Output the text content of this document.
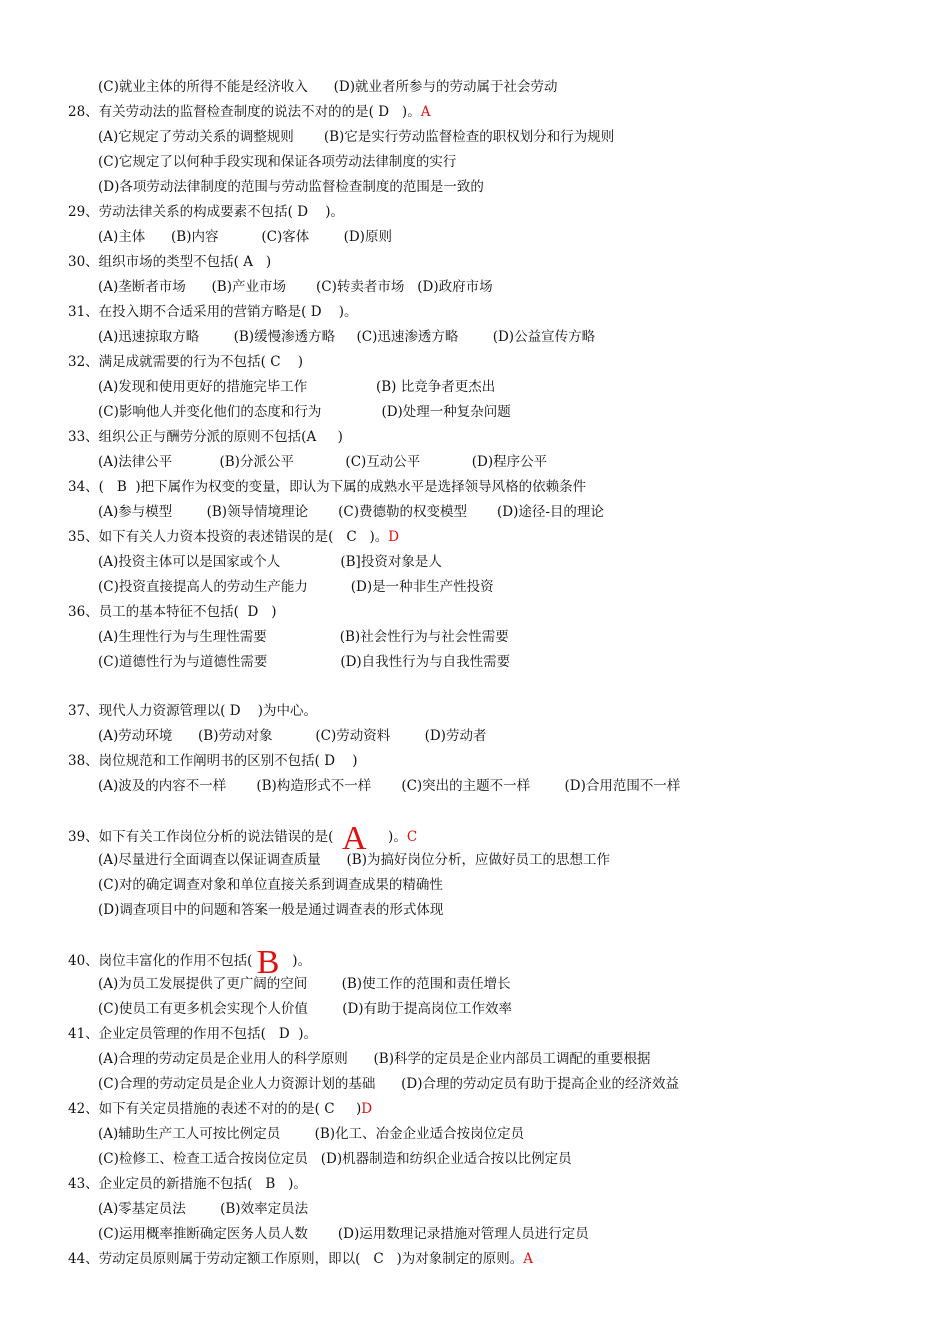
(C)就业主体的所得不能是经济收入      (D)就业者所参与的劳动属于社会劳动
28、有关劳动法的监督检查制度的说法不对的的是( D   )。A
(A)它规定了劳动关系的调整规则       (B)它是实行劳动监督检查的职权划分和行为规则
(C)它规定了以何种手段实现和保证各项劳动法律制度的实行
(D)各项劳动法律制度的范围与劳动监督检查制度的范围是一致的
29、劳动法律关系的构成要素不包括( D    )。
(A)主体      (B)内容          (C)客体        (D)原则
30、组织市场的类型不包括( A   )
(A)垄断者市场      (B)产业市场       (C)转卖者市场   (D)政府市场
31、在投入期不合适采用的营销方略是( D    )。
(A)迅速掠取方略        (B)缓慢渗透方略     (C)迅速渗透方略        (D)公益宣传方略
32、满足成就需要的行为不包括( C    )
(A)发现和使用更好的措施完毕工作                (B) 比竞争者更杰出
(C)影响他人并变化他们的态度和行为              (D)处理一种复杂问题
33、组织公正与酬劳分派的原则不包括(A     )
(A)法律公平           (B)分派公平            (C)互动公平            (D)程序公平
34、(   B  )把下属作为权变的变量，即认为下属的成熟水平是选择领导风格的依赖条件
(A)参与模型        (B)领导情境理论       (C)费德勒的权变模型       (D)途径-目的理论
35、如下有关人力资本投资的表述错误的是(   C   )。D
(A)投资主体可以是国家或个人              (B]投资对象是人
(C)投资直接提高人的劳动生产能力          (D)是一种非生产性投资
36、员工的基本特征不包括(  D   )
(A)生理性行为与生理性需要                 (B)社会性行为与社会性需要
(C)道德性行为与道德性需要                 (D)自我性行为与自我性需要
37、现代人力资源管理以( D    )为中心。
(A)劳动环境      (B)劳动对象          (C)劳动资料        (D)劳动者
38、岗位规范和工作阐明书的区别不包括( D    )
(A)波及的内容不一样       (B)构造形式不一样       (C)突出的主题不一样        (D)合用范围不一样
39、如下有关工作岗位分析的说法错误的是(  A     )。C
(A)尽量进行全面调查以保证调查质量      (B)为搞好岗位分析，应做好员工的思想工作
(C)对的确定调查对象和单位直接关系到调查成果的精确性
(D)调查项目中的问题和答案一般是通过调查表的形式体现
40、岗位丰富化的作用不包括( B   )。
(A)为员工发展提供了更广阔的空间        (B)使工作的范围和责任增长
(C)使员工有更多机会实现个人价值        (D)有助于提高岗位工作效率
41、企业定员管理的作用不包括(   D  )。
(A)合理的劳动定员是企业用人的科学原则      (B)科学的定员是企业内部员工调配的重要根据
(C)合理的劳动定员是企业人力资源计划的基础      (D)合理的劳动定员有助于提高企业的经济效益
42、如下有关定员措施的表述不对的的是( C     )D
(A)辅助生产工人可按比例定员        (B)化工、冶金企业适合按岗位定员
(C)检修工、检查工适合按岗位定员   (D)机器制造和纺织企业适合按以比例定员
43、企业定员的新措施不包括(   B   )。
(A)零基定员法        (B)效率定员法
(C)运用概率推断确定医务人员人数       (D)运用数理记录措施对管理人员进行定员
44、劳动定员原则属于劳动定额工作原则，即以(   C   )为对象制定的原则。A
